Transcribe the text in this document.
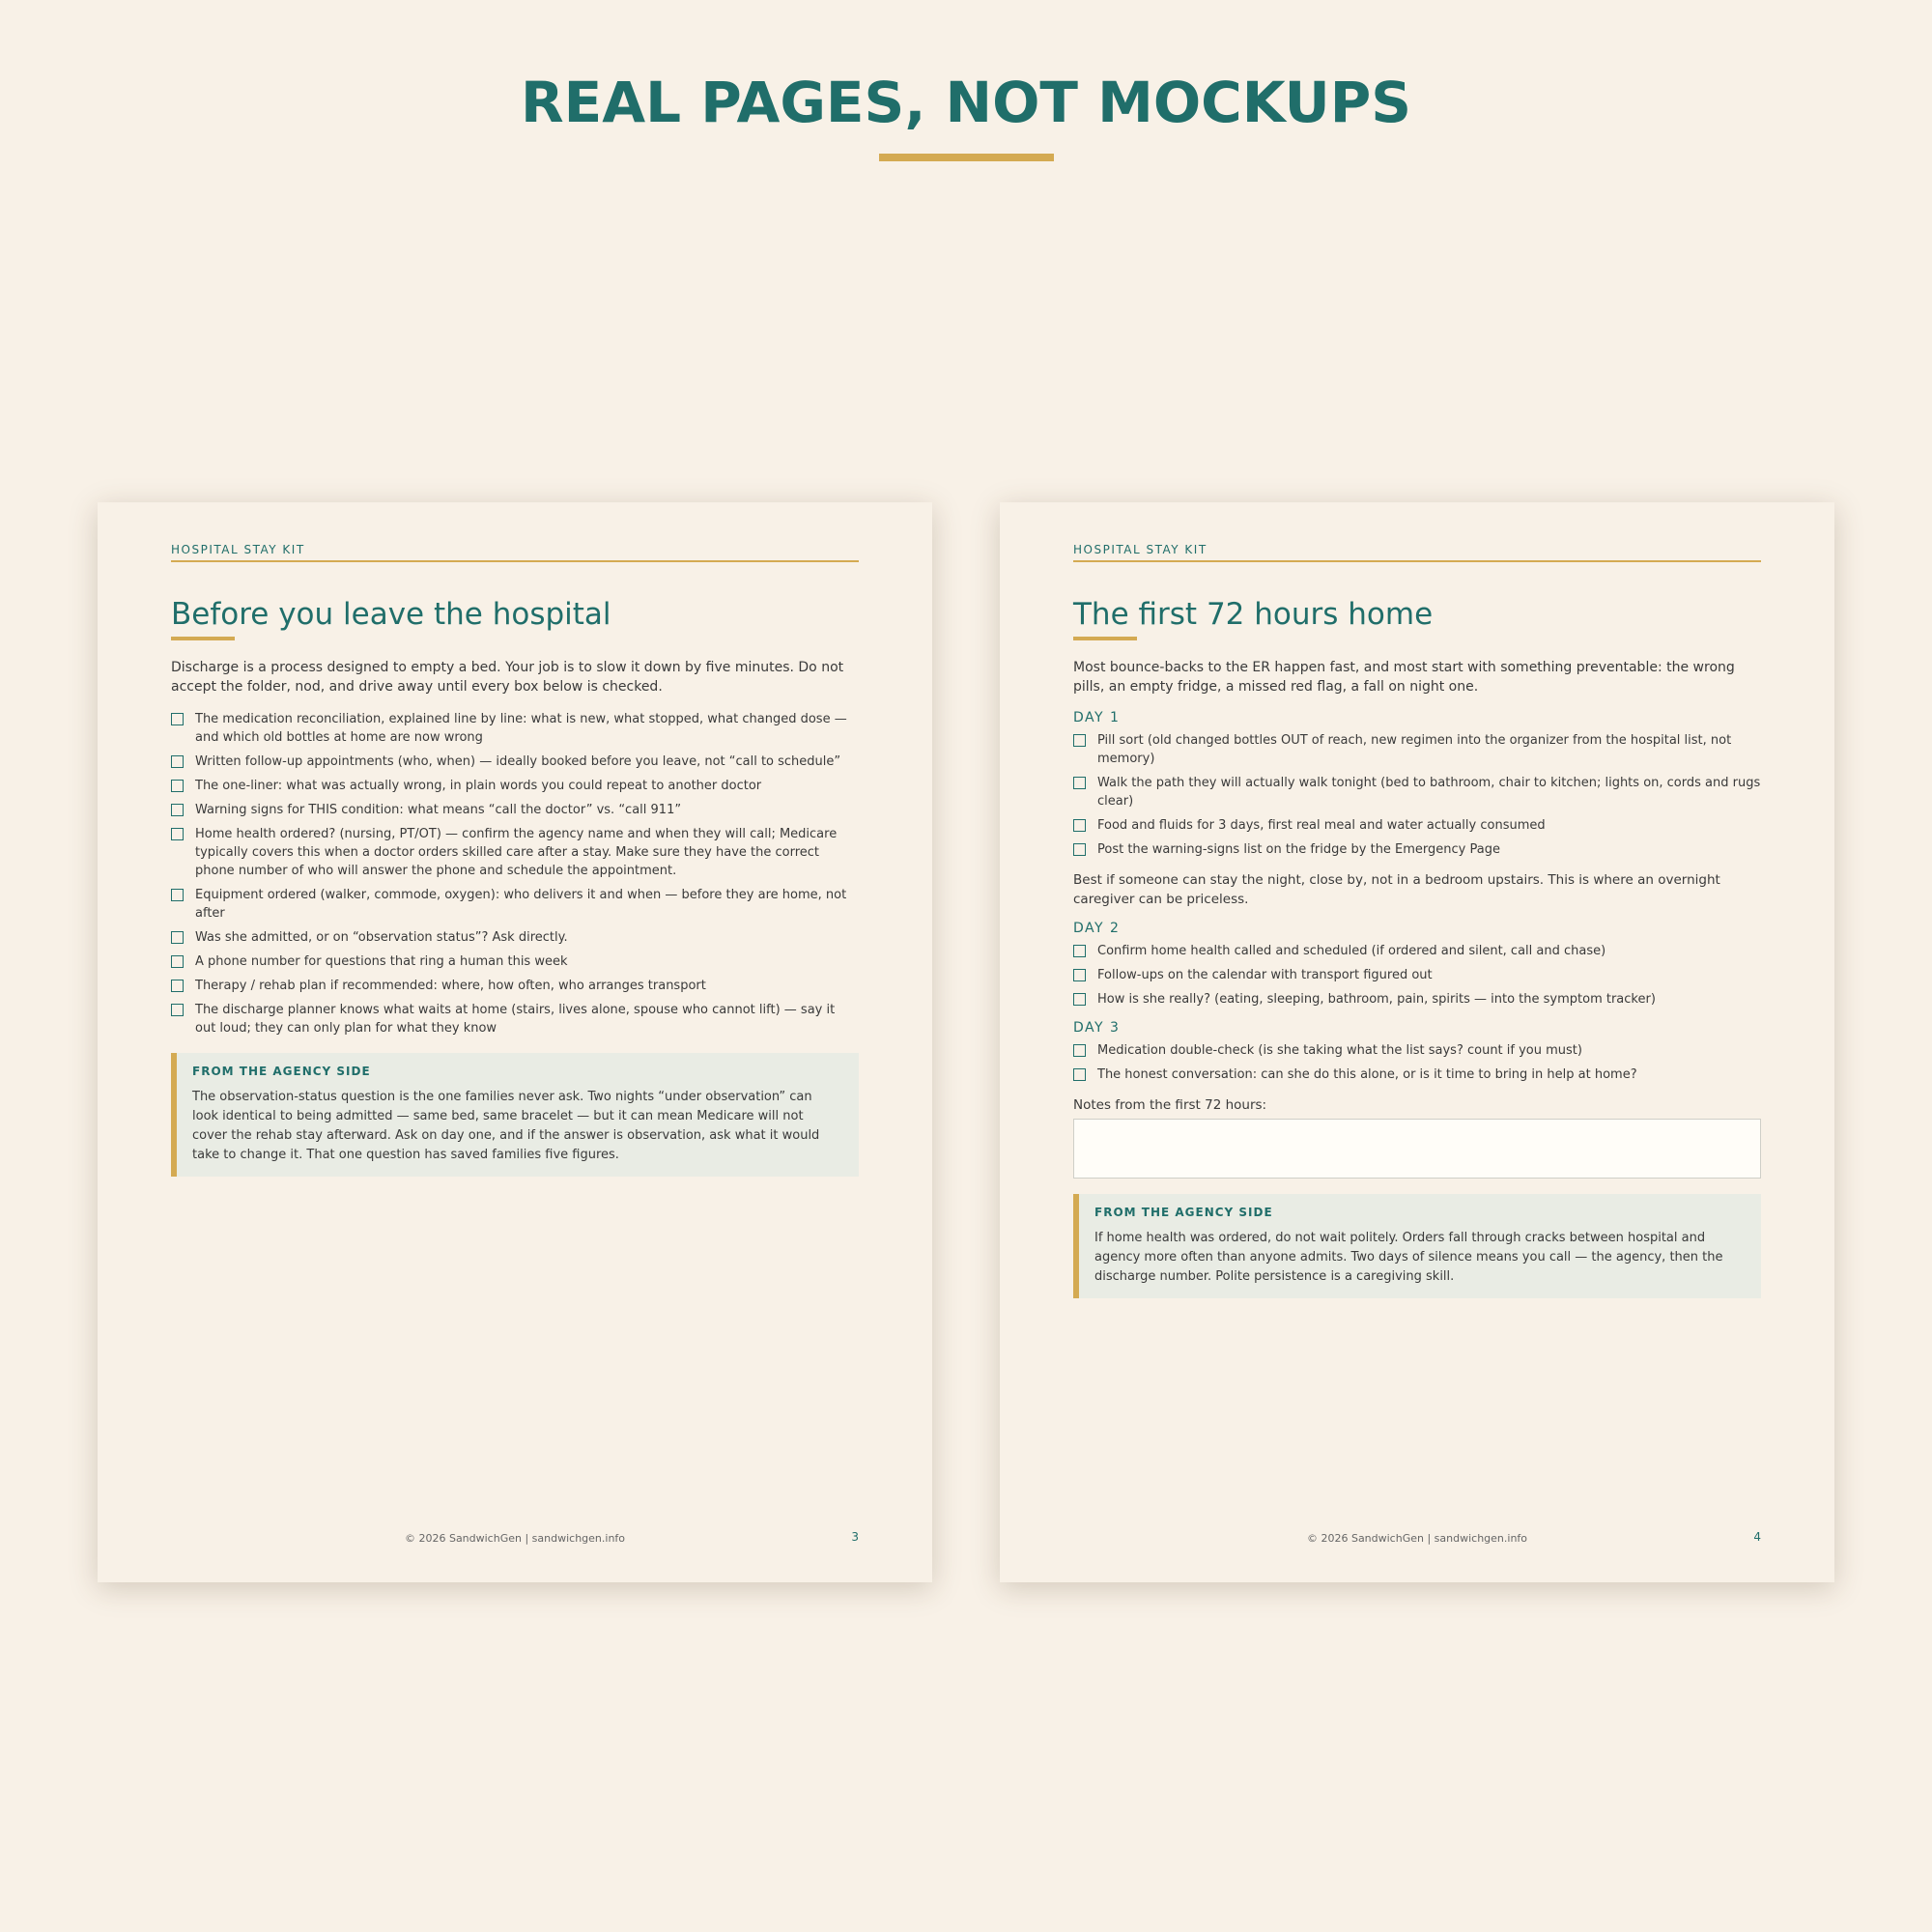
REAL PAGES, NOT MOCKUPS
HOSPITAL STAY KIT
Before you leave the hospital

Discharge is a process designed to empty a bed. Your job is to slow it down by five minutes. Do not accept the folder, nod, and drive away until every box below is checked.

The medication reconciliation, explained line by line: what is new, what stopped, what changed dose — and which old bottles at home are now wrong
Written follow-up appointments (who, when) — ideally booked before you leave, not “call to schedule”
The one-liner: what was actually wrong, in plain words you could repeat to another doctor
Warning signs for THIS condition: what means “call the doctor” vs. “call 911”
Home health ordered? (nursing, PT/OT) — confirm the agency name and when they will call; Medicare typically covers this when a doctor orders skilled care after a stay. Make sure they have the correct phone number of who will answer the phone and schedule the appointment.
Equipment ordered (walker, commode, oxygen): who delivers it and when — before they are home, not after
Was she admitted, or on “observation status”? Ask directly.
A phone number for questions that ring a human this week
Therapy / rehab plan if recommended: where, how often, who arranges transport
The discharge planner knows what waits at home (stairs, lives alone, spouse who cannot lift) — say it out loud; they can only plan for what they know
FROM THE AGENCY SIDE

The observation-status question is the one families never ask. Two nights “under observation” can look identical to being admitted — same bed, same bracelet — but it can mean Medicare will not cover the rehab stay afterward. Ask on day one, and if the answer is observation, ask what it would take to change it. That one question has saved families five figures.

© 2026 SandwichGen | sandwichgen.info	3
HOSPITAL STAY KIT
The first 72 hours home

Most bounce-backs to the ER happen fast, and most start with something preventable: the wrong pills, an empty fridge, a missed red flag, a fall on night one.

DAY 1
Pill sort (old changed bottles OUT of reach, new regimen into the organizer from the hospital list, not memory)
Walk the path they will actually walk tonight (bed to bathroom, chair to kitchen; lights on, cords and rugs clear)
Food and fluids for 3 days, first real meal and water actually consumed
Post the warning-signs list on the fridge by the Emergency Page

Best if someone can stay the night, close by, not in a bedroom upstairs. This is where an overnight caregiver can be priceless.

DAY 2
Confirm home health called and scheduled (if ordered and silent, call and chase)
Follow-ups on the calendar with transport figured out
How is she really? (eating, sleeping, bathroom, pain, spirits — into the symptom tracker)
DAY 3
Medication double-check (is she taking what the list says? count if you must)
The honest conversation: can she do this alone, or is it time to bring in help at home?
Notes from the first 72 hours:
FROM THE AGENCY SIDE

If home health was ordered, do not wait politely. Orders fall through cracks between hospital and agency more often than anyone admits. Two days of silence means you call — the agency, then the discharge number. Polite persistence is a caregiving skill.

© 2026 SandwichGen | sandwichgen.info	4
